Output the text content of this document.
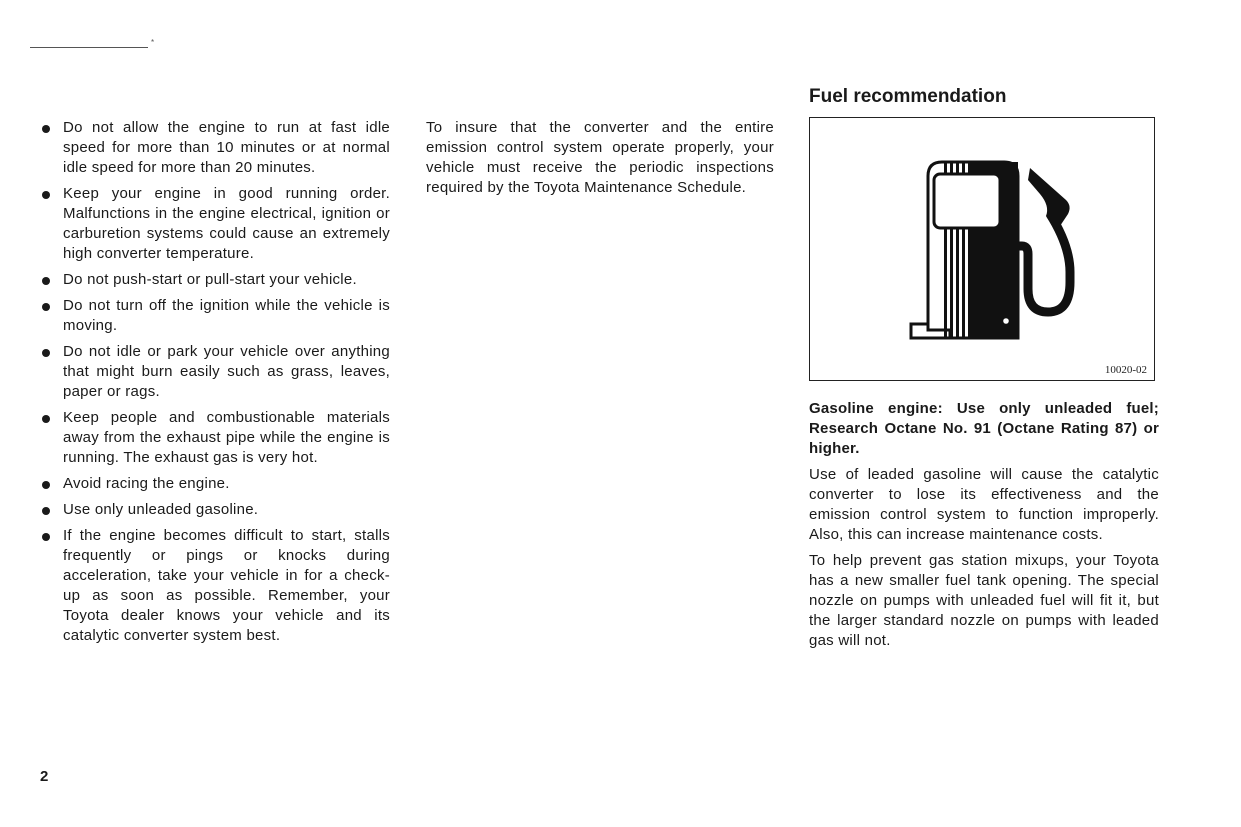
*
Do not allow the engine to run at fast idle speed for more than 10 minutes or at normal idle speed for more than 20 minutes.
Keep your engine in good running order. Malfunctions in the engine electrical, ignition or carburetion systems could cause an extremely high converter temperature.
Do not push-start or pull-start your vehicle.
Do not turn off the ignition while the vehicle is moving.
Do not idle or park your vehicle over anything that might burn easily such as grass, leaves, paper or rags.
Keep people and combustionable materials away from the exhaust pipe while the engine is running. The exhaust gas is very hot.
Avoid racing the engine.
Use only unleaded gasoline.
If the engine becomes difficult to start, stalls frequently or pings or knocks during acceleration, take your vehicle in for a check-up as soon as possible. Remember, your Toyota dealer knows your vehicle and its catalytic converter system best.

To insure that the converter and the entire emission control system operate properly, your vehicle must receive the periodic inspections required by the Toyota Maintenance Schedule.

Fuel recommendation
10020-02

Gasoline engine: Use only unleaded fuel; Research Octane No. 91 (Octane Rating 87) or higher.

Use of leaded gasoline will cause the catalytic converter to lose its effectiveness and the emission control system to function improperly. Also, this can increase maintenance costs.

To help prevent gas station mixups, your Toyota has a new smaller fuel tank opening. The special nozzle on pumps with unleaded fuel will fit it, but the larger standard nozzle on pumps with leaded gas will not.

2
